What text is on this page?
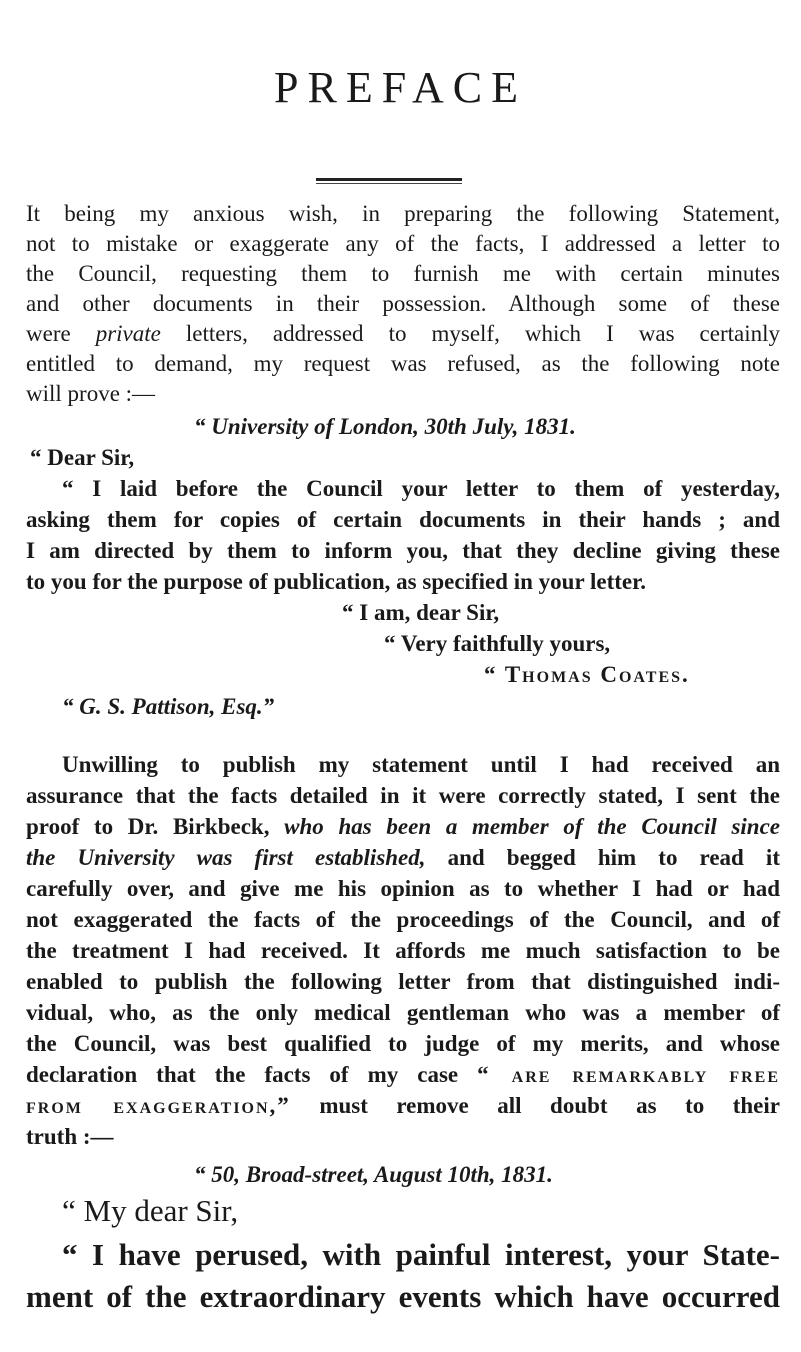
PREFACE
It being my anxious wish, in preparing the following Statement,
not to mistake or exaggerate any of the facts, I addressed a letter to
the Council, requesting them to furnish me with certain minutes
and other documents in their possession. Although some of these
were private letters, addressed to myself, which I was certainly
entitled to demand, my request was refused, as the following note
will prove :—
“ University of London, 30th July, 1831.
“ Dear Sir,
“ I laid before the Council your letter to them of yesterday,
asking them for copies of certain documents in their hands ; and
I am directed by them to inform you, that they decline giving these
to you for the purpose of publication, as specified in your letter.
“ I am, dear Sir,
“ Very faithfully yours,
“ Thomas Coates.
“ G. S. Pattison, Esq.”
Unwilling to publish my statement until I had received an
assurance that the facts detailed in it were correctly stated, I sent the
proof to Dr. Birkbeck, who has been a member of the Council since
the University was first established, and begged him to read it
carefully over, and give me his opinion as to whether I had or had
not exaggerated the facts of the proceedings of the Council, and of
the treatment I had received. It affords me much satisfaction to be
enabled to publish the following letter from that distinguished indi-
vidual, who, as the only medical gentleman who was a member of
the Council, was best qualified to judge of my merits, and whose
declaration that the facts of my case “ are remarkably free
from exaggeration,” must remove all doubt as to their
truth :—
“ 50, Broad-street, August 10th, 1831.
“ My dear Sir,
“ I have perused, with painful interest, your State-
ment of the extraordinary events which have occurred
